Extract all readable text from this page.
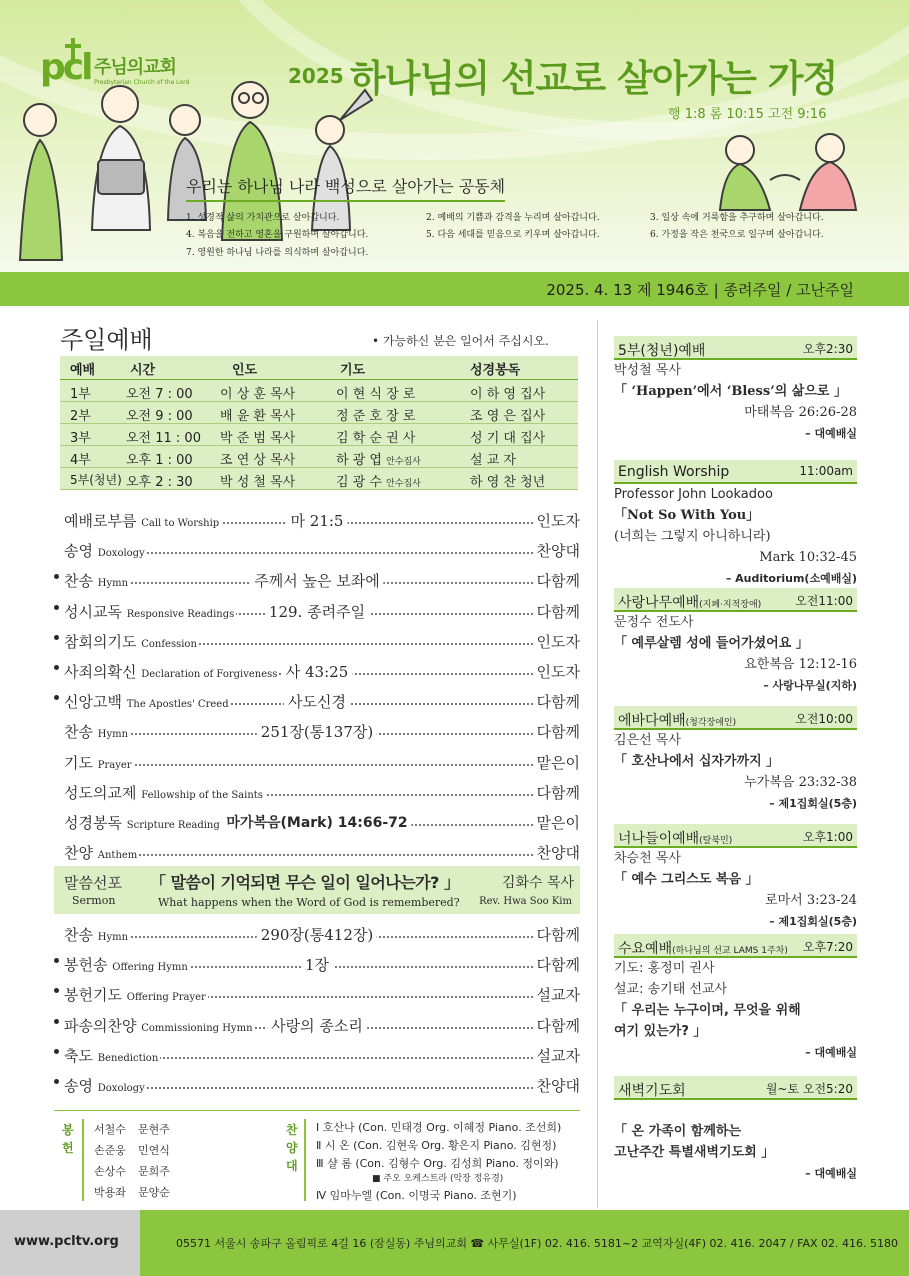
pcl 주님의교회
Presbyterian Church of the Lord	2025 하나님의 선교로 살아가는 가정
행 1:8 롬 10:15 고전 9:16
우리는 하나님 나라 백성으로 살아가는 공동체
1. 성경적 삶의 가치관으로 살아갑니다.	2. 예배의 기쁨과 감격을 누리며 살아갑니다.	3. 일상 속에 거룩함을 추구하며 살아갑니다.
4. 복음을 전하고 영혼을 구원하며 살아갑니다.	5. 다음 세대를 믿음으로 키우며 살아갑니다.	6. 가정을 작은 천국으로 일구며 살아갑니다.
7. 영원한 하나님 나라를 의식하며 살아갑니다.
2025. 4. 13 제 1946호 | 종려주일 / 고난주일
주일예배	• 가능하신 분은 일어서 주십시오.
예배	시간	인도	기도	성경봉독
1부	오전 7 : 00 이 상 훈 목사	이 현 식 장 로	이 하 영 집사
2부	오전 9 : 00 배 윤 환 목사	정 준 호 장 로	조 영 은 집사
3부	오전 11 : 00 박 준 범 목사	김 학 순 권 사	성 기 대 집사
4부	오후 1 : 00 조 연 상 목사	하 광 엽 안수집사	설 교 자
5부(청년) 오후 2 : 30 박 성 철 목사	김 광 수 안수집사	하 영 찬 청년
예배로부름 Call to Worship	마 21:5	인도자
송영 Doxology	찬양대
찬송 Hymn	주께서 높은 보좌에	다함께
성시교독 Responsive Readings 129. 종려주일	다함께
참회의기도 Confession	인도자
사죄의확신 Declaration of Forgiveness 사 43:25	인도자
신앙고백 The Apostles' Creed	사도신경	다함께
찬송 Hymn	251장(통137장)	다함께
기도 Prayer	맡은이
성도의교제 Fellowship of the Saints	다함께
성경봉독 Scripture Reading 마가복음(Mark) 14:66-72	맡은이
찬양 Anthem	찬양대
말씀선포
Sermon
「 말씀이 기억되면 무슨 일이 일어나는가? 」
What happens when the Word of God is remembered?
김화수 목사
Rev. Hwa Soo Kim
찬송 Hymn	290장(통412장)	다함께
봉헌송 Offering Hymn	1장	다함께
봉헌기도 Offering Prayer	설교자
파송의찬양 Commissioning Hymn 사랑의 종소리	다함께
축도 Benediction	설교자
송영 Doxology	찬양대
봉
헌
서철수 문현주
손준웅 민연식
손상수 문희주
박용좌 문양순
찬
양
대
Ⅰ 호산나 (Con. 민태경 Org. 이혜정 Piano. 조선희)
Ⅱ 시 온 (Con. 김현욱 Org. 황은지 Piano. 김현정)
Ⅲ 샬 롬 (Con. 김형수 Org. 김성희 Piano. 정이와)
■ 주오 오케스트라 (악장 정유경)
Ⅳ 임마누엘 (Con. 이명국 Piano. 조현기)
5부(청년)예배	오후2:30
박성철 목사
「 ‘Happen’에서 ‘Bless’의 삶으로 」
마태복음 26:26-28
– 대예배실
English Worship	11:00am
Professor John Lookadoo
「Not So With You」
(너희는 그렇지 아니하니라)
Mark 10:32-45
– Auditorium(소예배실)
사랑나무예배(지폐·지적장애)	오전11:00
문정수 전도사
「 예루살렘 성에 들어가셨어요 」
요한복음 12:12-16
– 사랑나무실(지하)
에바다예배(청각장애인)	오전10:00
김은선 목사
「 호산나에서 십자가까지 」
누가복음 23:32-38
– 제1집회실(5층)
너나들이예배(탈북민)	오후1:00
차승천 목사
「 예수 그리스도 복음 」
로마서 3:23-24
– 제1집회실(5층)
수요예배(하나님의 선교 LAMS 1주차) 오후7:20
기도: 홍정미 권사
설교: 송기태 선교사
「 우리는 누구이며, 무엇을 위해
여기 있는가? 」
– 대예배실
새벽기도회	월~토 오전5:20
「 온 가족이 함께하는
고난주간 특별새벽기도회 」
– 대예배실
www.pcltv.org	05571 서울시 송파구 올림픽로 4길 16 (잠실동) 주님의교회 ☎ 사무실(1F) 02. 416. 5181~2 교역자실(4F) 02. 416. 2047 / FAX 02. 416. 5180
